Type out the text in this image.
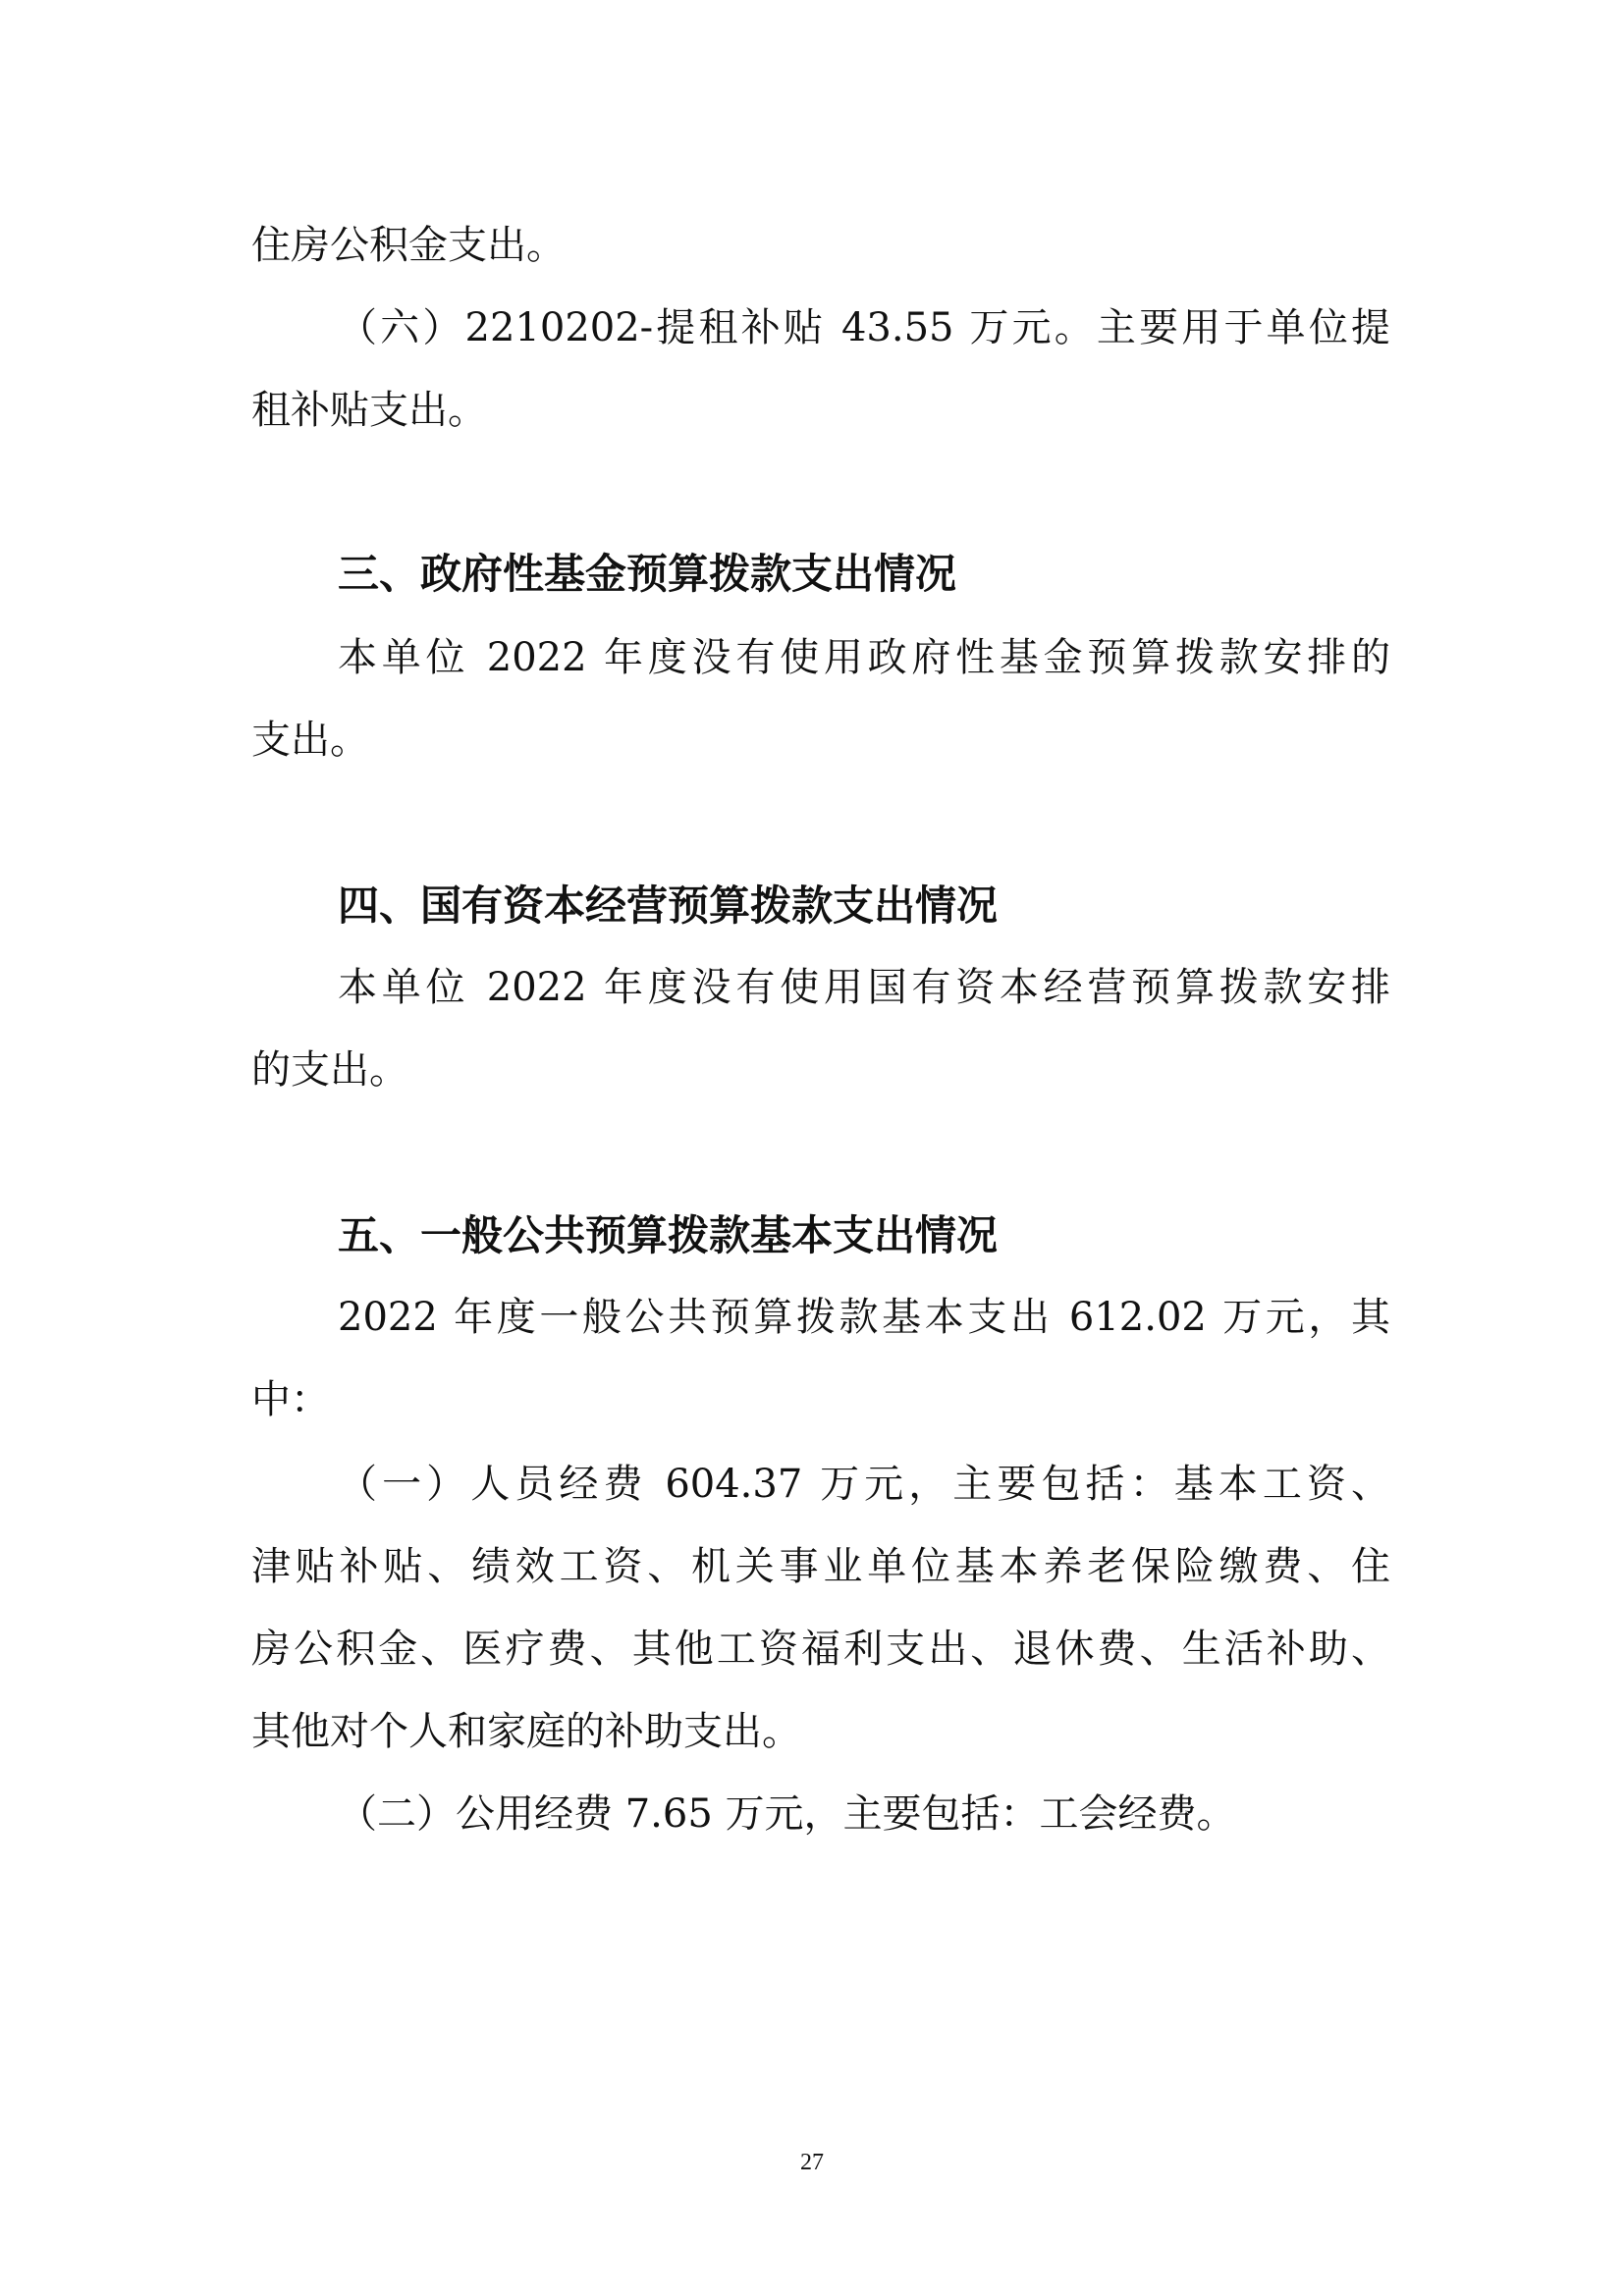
住房公积金支出。
（六）2210202-提租补贴 43.55 万元。主要用于单位提
租补贴支出。
三、政府性基金预算拨款支出情况
本单位 2022 年度没有使用政府性基金预算拨款安排的
支出。
四、国有资本经营预算拨款支出情况
本单位 2022 年度没有使用国有资本经营预算拨款安排
的支出。
五、一般公共预算拨款基本支出情况
2022 年度一般公共预算拨款基本支出 612.02 万元，其
中：
（一）人员经费 604.37 万元，主要包括：基本工资、
津贴补贴、绩效工资、机关事业单位基本养老保险缴费、住
房公积金、医疗费、其他工资福利支出、退休费、生活补助、
其他对个人和家庭的补助支出。
（二）公用经费 7.65 万元，主要包括：工会经费。
27
